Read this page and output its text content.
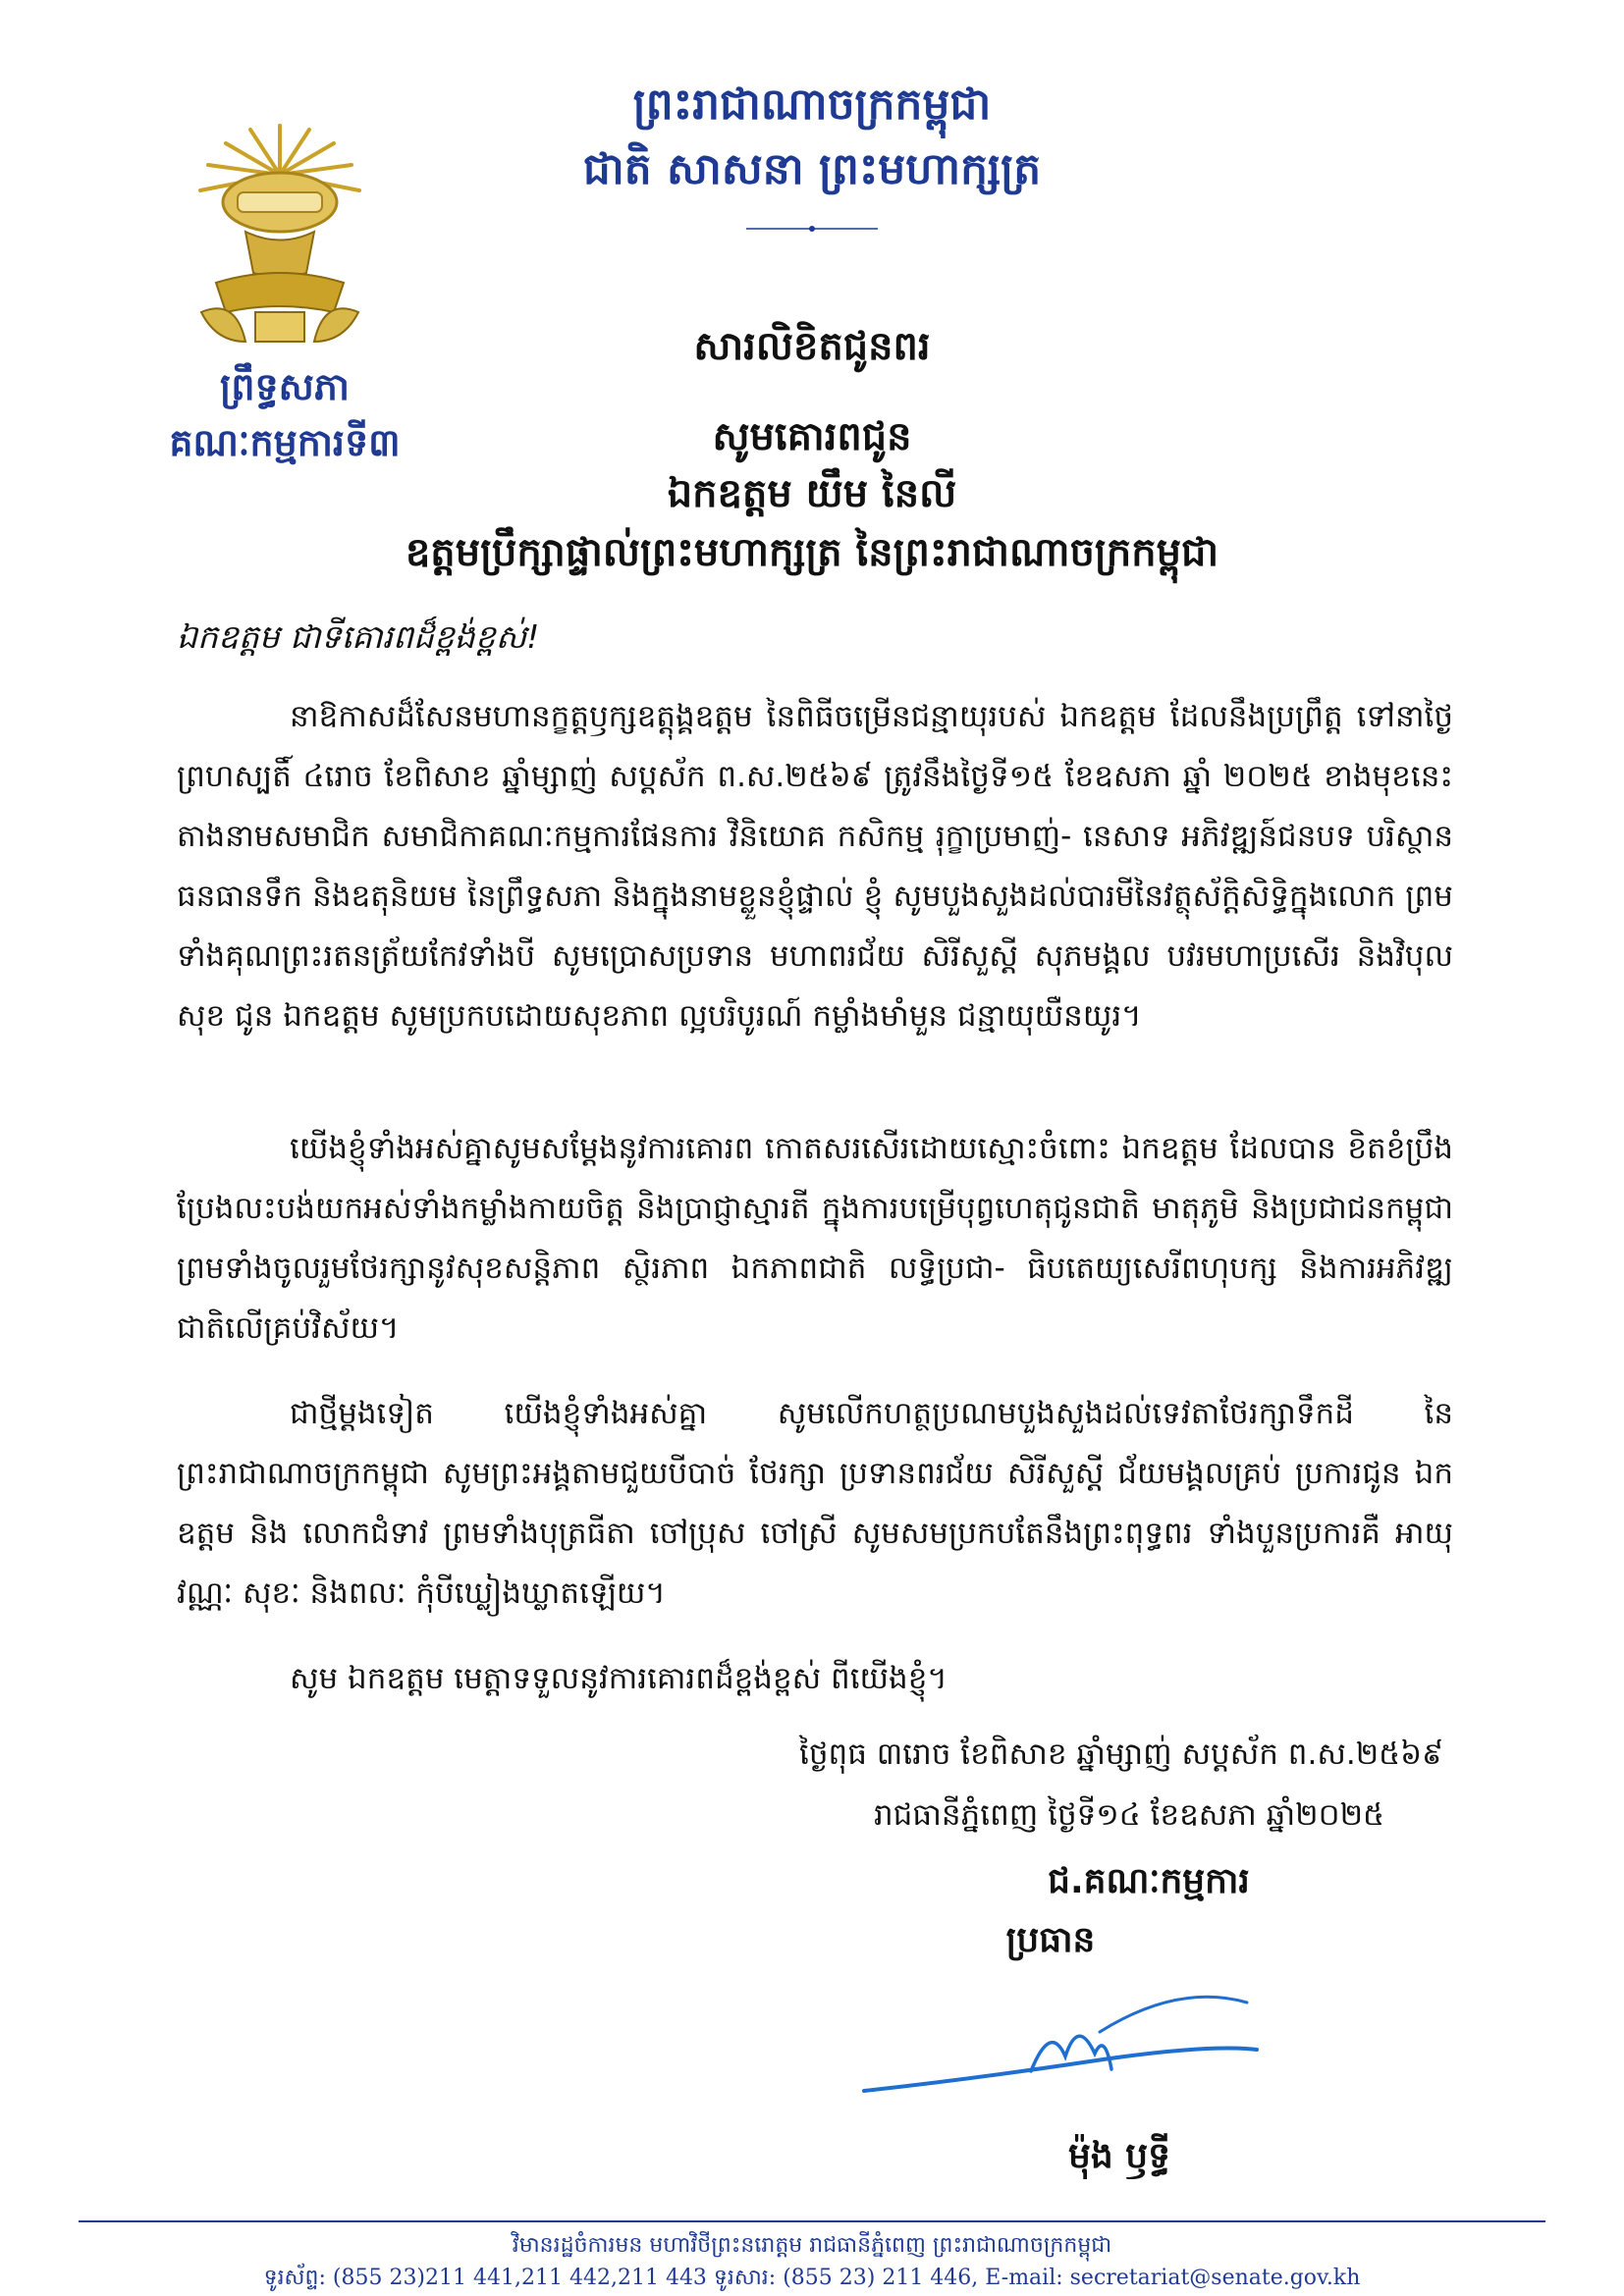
ព្រះរាជាណាចក្រកម្ពុជា
ជាតិ សាសនា ព្រះមហាក្សត្រ
ព្រឹទ្ធសភា
គណៈកម្មការទី៣
សារលិខិតជូនពរ
សូមគោរពជូន
ឯកឧត្តម យឹម នៃលី
ឧត្តមប្រឹក្សាផ្ទាល់ព្រះមហាក្សត្រ នៃព្រះរាជាណាចក្រកម្ពុជា
ឯកឧត្តម ជាទីគោរពដ៏ខ្ពង់ខ្ពស់!
នាឱកាសដ៏សែនមហានក្ខត្តឫក្សឧត្តុង្គឧត្តម នៃពិធីចម្រើនជន្មាយុរបស់ ឯកឧត្តម ដែលនឹងប្រព្រឹត្ត ទៅនាថ្ងៃព្រហស្បតិ៍ ៤រោច ខែពិសាខ ឆ្នាំម្សាញ់ សប្តស័ក ព.ស.២៥៦៩ ត្រូវនឹងថ្ងៃទី១៥ ខែឧសភា ឆ្នាំ ២០២៥ ខាងមុខនេះ តាងនាមសមាជិក សមាជិកាគណៈកម្មការផែនការ វិនិយោគ កសិកម្ម រុក្ខាប្រមាញ់- នេសាទ អភិវឌ្ឍន៍ជនបទ បរិស្ថាន ធនធានទឹក និងឧតុនិយម នៃព្រឹទ្ធសភា និងក្នុងនាមខ្លួនខ្ញុំផ្ទាល់ ខ្ញុំ សូមបួងសួងដល់បារមីនៃវត្ថុស័ក្តិសិទ្ធិក្នុងលោក ព្រមទាំងគុណព្រះរតនត្រ័យកែវទាំងបី សូមប្រោសប្រទាន មហាពរជ័យ សិរីសួស្តី សុភមង្គល បវរមហាប្រសើរ និងវិបុលសុខ ជូន ឯកឧត្តម សូមប្រកបដោយសុខភាព ល្អបរិបូរណ៍ កម្លាំងមាំមួន ជន្មាយុយឺនយូរ។
យើងខ្ញុំទាំងអស់គ្នាសូមសម្តែងនូវការគោរព កោតសរសើរដោយស្មោះចំពោះ ឯកឧត្តម ដែលបាន ខិតខំប្រឹងប្រែងលះបង់យកអស់ទាំងកម្លាំងកាយចិត្ត និងប្រាជ្ញាស្មារតី ក្នុងការបម្រើបុព្វហេតុជូនជាតិ មាតុភូមិ និងប្រជាជនកម្ពុជា ព្រមទាំងចូលរួមថែរក្សានូវសុខសន្តិភាព ស្ថិរភាព ឯកភាពជាតិ លទ្ធិប្រជា- ធិបតេយ្យសេរីពហុបក្ស និងការអភិវឌ្ឍជាតិលើគ្រប់វិស័យ។
ជាថ្មីម្តងទៀត យើងខ្ញុំទាំងអស់គ្នា សូមលើកហត្ថប្រណមបួងសួងដល់ទេវតាថែរក្សាទឹកដី នៃ ព្រះរាជាណាចក្រកម្ពុជា សូមព្រះអង្គតាមជួយបីបាច់ ថែរក្សា ប្រទានពរជ័យ សិរីសួស្តី ជ័យមង្គលគ្រប់ ប្រការជូន ឯកឧត្តម និង លោកជំទាវ ព្រមទាំងបុត្រធីតា ចៅប្រុស ចៅស្រី សូមសមប្រកបតែនឹងព្រះពុទ្ធពរ ទាំងបួនប្រការគឺ អាយុ វណ្ណៈ សុខៈ និងពលៈ កុំបីឃ្លៀងឃ្លាតឡើយ។
សូម ឯកឧត្តម មេត្តាទទួលនូវការគោរពដ៏ខ្ពង់ខ្ពស់ ពីយើងខ្ញុំ។
ថ្ងៃពុធ ៣រោច ខែពិសាខ ឆ្នាំម្សាញ់ សប្តស័ក ព.ស.២៥៦៩
រាជធានីភ្នំពេញ ថ្ងៃទី១៤ ខែឧសភា ឆ្នាំ២០២៥
ជ.គណៈកម្មការ
ប្រធាន
ម៉ុង ឫទ្ធី
វិមានរដ្ឋចំការមន មហាវិថីព្រះនរោត្តម រាជធានីភ្នំពេញ ព្រះរាជាណាចក្រកម្ពុជា
ទូរស័ព្ទ: (855 23)211 441,211 442,211 443 ទូរសារ: (855 23) 211 446, E-mail: secretariat@senate.gov.kh
